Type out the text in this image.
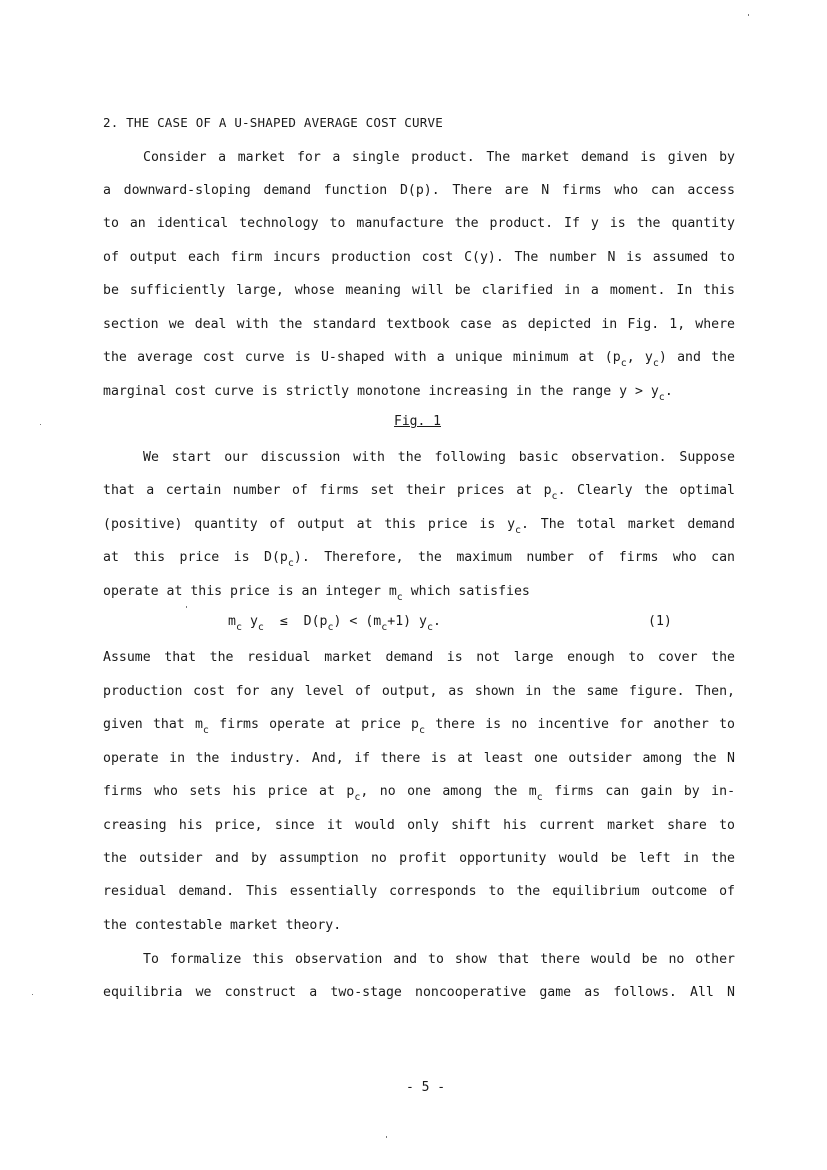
2. THE CASE OF A U-SHAPED AVERAGE COST CURVE
Consider a market for a single product. The market demand is given by
a downward-sloping demand function D(p). There are N firms who can access
to an identical technology to manufacture the product. If y is the quantity
of output each firm incurs production cost C(y). The number N is assumed to
be sufficiently large, whose meaning will be clarified in a moment. In this
section we deal with the standard textbook case as depicted in Fig. 1, where
the average cost curve is U-shaped with a unique minimum at ($p_c$, $y_c$) and the
marginal cost curve is strictly monotone increasing in the range $y > y_c$.
Fig. 1
We start our discussion with the following basic observation. Suppose
that a certain number of firms set their prices at $p_c$. Clearly the optimal
(positive) quantity of output at this price is $y_c$. The total market demand
at this price is $D(p_c)$. Therefore, the maximum number of firms who can
operate at this price is an integer $m_c$ which satisfies
$m_c$ $y_c \le D(p_c) < (m_c+1)$ $y_c$.	(1)
Assume that the residual market demand is not large enough to cover the
production cost for any level of output, as shown in the same figure. Then,
given that $m_c$ firms operate at price $p_c$ there is no incentive for another to
operate in the industry. And, if there is at least one outsider among the N
firms who sets his price at $p_c$, no one among the $m_c$ firms can gain by in-
creasing his price, since it would only shift his current market share to
the outsider and by assumption no profit opportunity would be left in the
residual demand. This essentially corresponds to the equilibrium outcome of
the contestable market theory.
To formalize this observation and to show that there would be no other
equilibria we construct a two-stage noncooperative game as follows. All N
- 5 -
